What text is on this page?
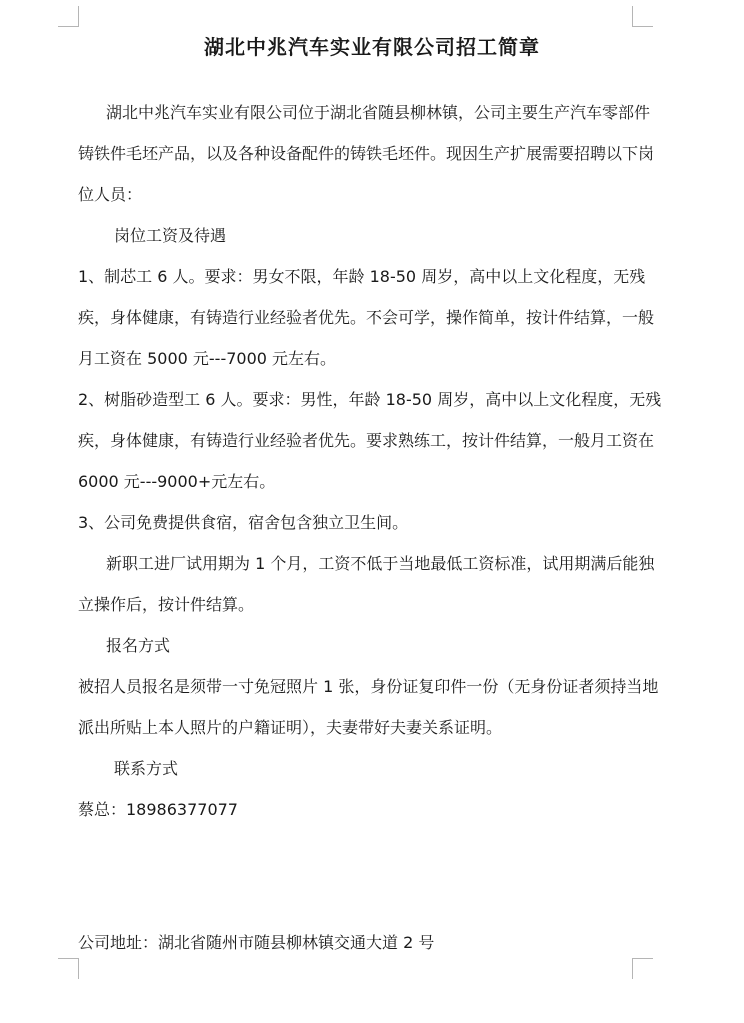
湖北中兆汽车实业有限公司招工简章

湖北中兆汽车实业有限公司位于湖北省随县柳林镇，公司主要生产汽车零部件铸铁件毛坯产品，以及各种设备配件的铸铁毛坯件。现因生产扩展需要招聘以下岗位人员：

岗位工资及待遇

1、制芯工 6 人。要求：男女不限，年龄 18-50 周岁，高中以上文化程度，无残疾，身体健康，有铸造行业经验者优先。不会可学，操作简单，按计件结算，一般月工资在 5000 元---7000 元左右。

2、树脂砂造型工 6 人。要求：男性，年龄 18-50 周岁，高中以上文化程度，无残疾，身体健康，有铸造行业经验者优先。要求熟练工，按计件结算，一般月工资在 6000 元---9000+元左右。

3、公司免费提供食宿，宿舍包含独立卫生间。

新职工进厂试用期为 1 个月，工资不低于当地最低工资标准，试用期满后能独立操作后，按计件结算。

报名方式

被招人员报名是须带一寸免冠照片 1 张，身份证复印件一份（无身份证者须持当地派出所贴上本人照片的户籍证明），夫妻带好夫妻关系证明。

联系方式

蔡总：18986377077

公司地址：湖北省随州市随县柳林镇交通大道 2 号
